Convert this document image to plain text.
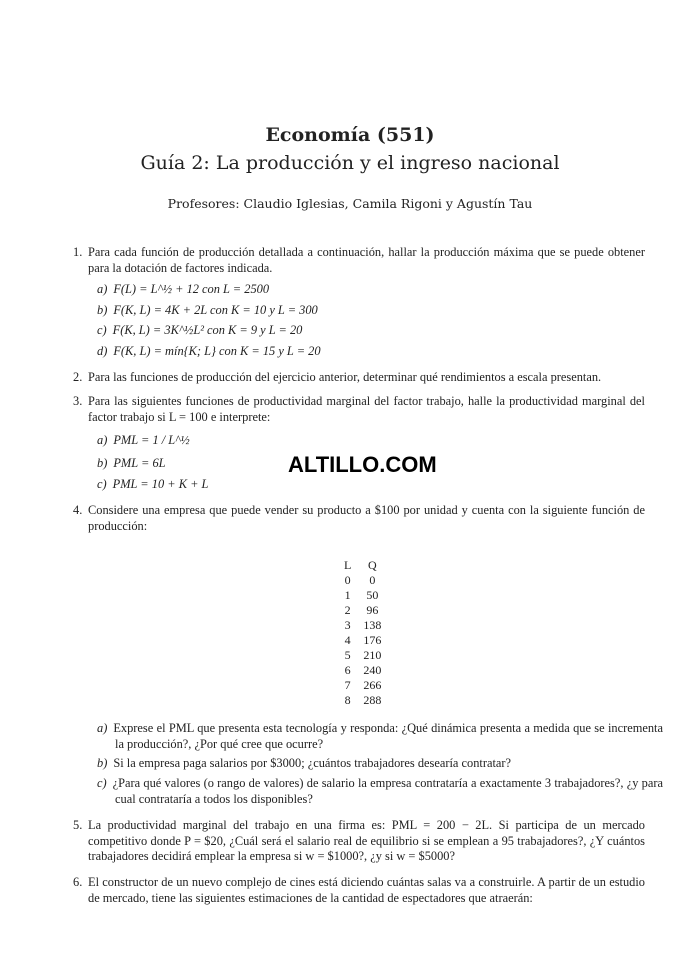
Economía (551)
Guía 2: La producción y el ingreso nacional
Profesores: Claudio Iglesias, Camila Rigoni y Agustín Tau
1. Para cada función de producción detallada a continuación, hallar la producción máxima que se puede obtener para la dotación de factores indicada.
a) F(L) = L^½ + 12 con L = 2500
b) F(K, L) = 4K + 2L con K = 10 y L = 300
c) F(K, L) = 3K^½L² con K = 9 y L = 20
d) F(K, L) = mín{K; L} con K = 15 y L = 20
2. Para las funciones de producción del ejercicio anterior, determinar qué rendimientos a escala presentan.
3. Para las siguientes funciones de productividad marginal del factor trabajo, halle la productividad marginal del factor trabajo si L = 100 e interprete:
a) PML = 1 / L^½
b) PML = 6L
c) PML = 10 + K + L
ALTILLO.COM
4. Considere una empresa que puede vender su producto a $100 por unidad y cuenta con la siguiente función de producción:
L	Q
0	0
1	50
2	96
3	138
4	176
5	210
6	240
7	266
8	288
a) Exprese el PML que presenta esta tecnología y responda: ¿Qué dinámica presenta a medida que se incrementa la producción?, ¿Por qué cree que ocurre?
b) Si la empresa paga salarios por $3000; ¿cuántos trabajadores desearía contratar?
c) ¿Para qué valores (o rango de valores) de salario la empresa contrataría a exactamente 3 trabajadores?, ¿y para cual contrataría a todos los disponibles?
5. La productividad marginal del trabajo en una firma es: PML = 200 − 2L. Si participa de un mercado competitivo donde P = $20, ¿Cuál será el salario real de equilibrio si se emplean a 95 trabajadores?, ¿Y cuántos trabajadores decidirá emplear la empresa si w = $1000?, ¿y si w = $5000?
6. El constructor de un nuevo complejo de cines está diciendo cuántas salas va a construirle. A partir de un estudio de mercado, tiene las siguientes estimaciones de la cantidad de espectadores que atraerán:
